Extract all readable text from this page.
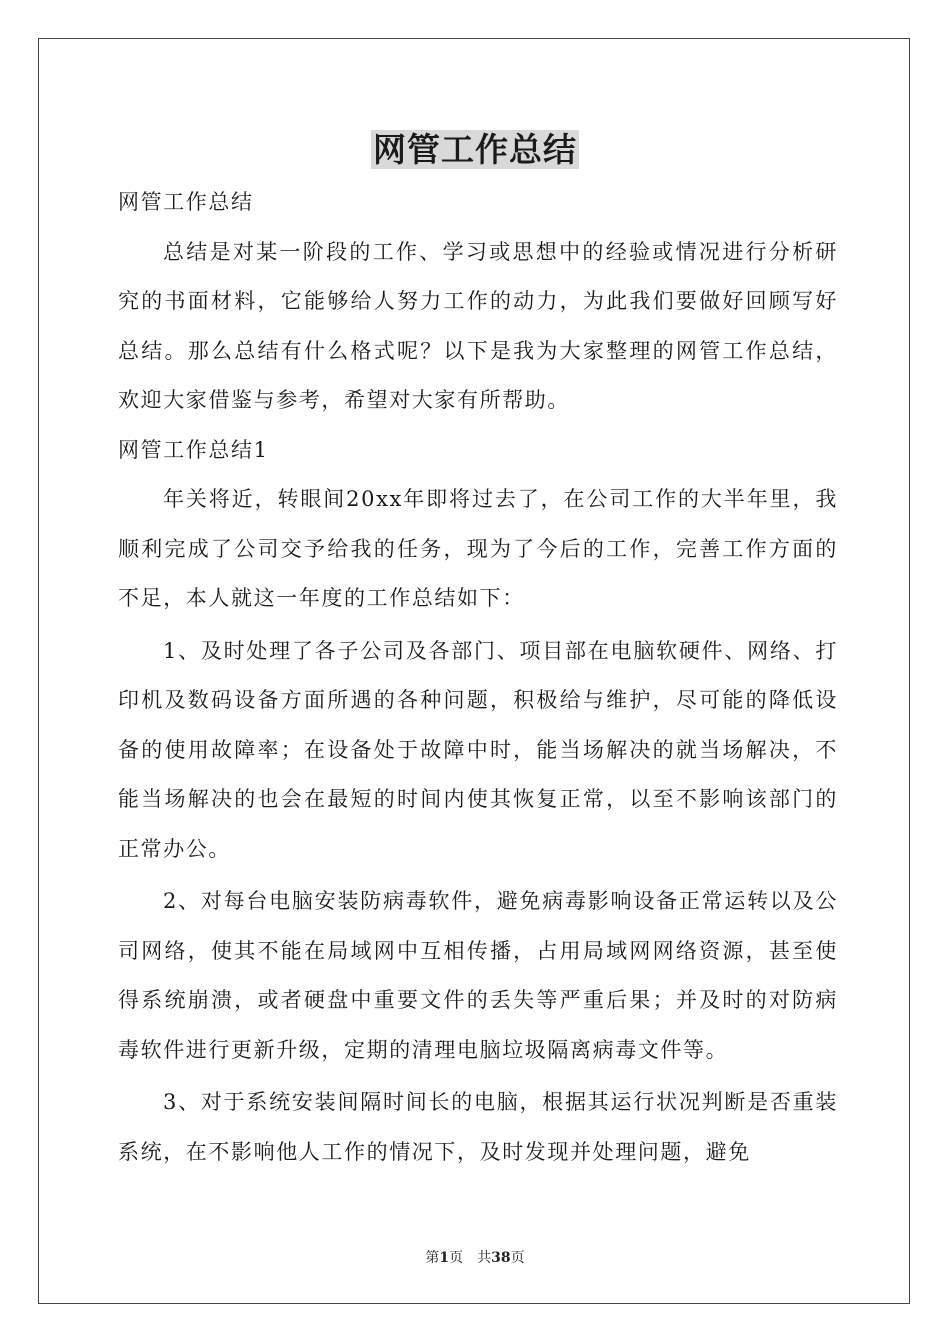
网管工作总结

网管工作总结

总结是对某一阶段的工作、学习或思想中的经验或情况进行分析研究的书面材料，它能够给人努力工作的动力，为此我们要做好回顾写好总结。那么总结有什么格式呢？以下是我为大家整理的网管工作总结，欢迎大家借鉴与参考，希望对大家有所帮助。

网管工作总结1

年关将近，转眼间20xx年即将过去了，在公司工作的大半年里，我顺利完成了公司交予给我的任务，现为了今后的工作，完善工作方面的不足，本人就这一年度的工作总结如下：

1、及时处理了各子公司及各部门、项目部在电脑软硬件、网络、打印机及数码设备方面所遇的各种问题，积极给与维护，尽可能的降低设备的使用故障率；在设备处于故障中时，能当场解决的就当场解决，不能当场解决的也会在最短的时间内使其恢复正常，以至不影响该部门的正常办公。

2、对每台电脑安装防病毒软件，避免病毒影响设备正常运转以及公司网络，使其不能在局域网中互相传播，占用局域网网络资源，甚至使得系统崩溃，或者硬盘中重要文件的丢失等严重后果；并及时的对防病毒软件进行更新升级，定期的清理电脑垃圾隔离病毒文件等。

3、对于系统安装间隔时间长的电脑，根据其运行状况判断是否重装系统，在不影响他人工作的情况下，及时发现并处理问题，避免

第1页　共38页
